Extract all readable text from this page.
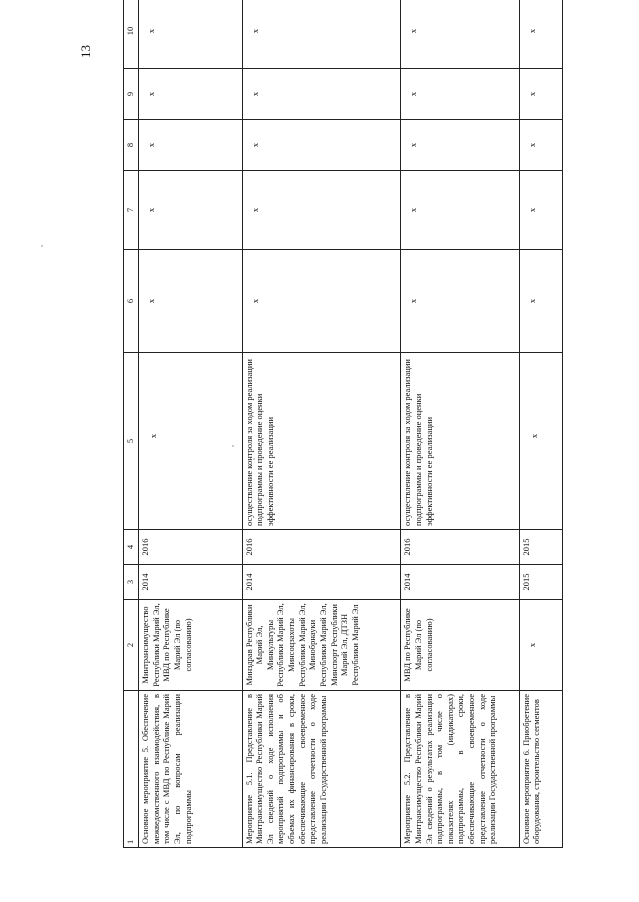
13
1	2	3	4	5	6	7	8	9	10
Основное мероприятие 5. Обеспечение межведомственного взаимодействия, в том числе с МВД по Республике Марий Эл, по вопросам реализации подпрограммы	Минтрансимущество Республики Марий Эл, МВД по Республике Марий Эл (по согласованию)	2014	2016	x	x	x	x	x	x

Мероприятие 5.1. Представление в Минтрансимущество Республики Марий Эл сведений о ходе исполнения мероприятий подпрограммы и об объемах их финансирования в сроки, обеспечивающие своевременное представление отчетности о ходе реализации Государственной программы	Минздрав Республики Марий Эл, Минкультуры Республики Марий Эл, Минсоцзахоты Республики Марий Эл, Минобрнауки Республики Марий Эл, Минспорт Республики Марий Эл, ДТЗН Республики Марий Эл	2014	2016	осуществление контроля за ходом реализации подпрограммы и проведение оценки эффективности ее реализации	x	x	x	x	x

Мероприятие 5.2. Представление в Минтрансимущество Республики Марий Эл сведений о результатах реализации подпрограммы, в том числе о показателях (индикаторах) подпрограммы, в сроки, обеспечивающие своевременное представление отчетности о ходе реализации Государственной программы	МВД по Республике Марий Эл (по согласованию)	2014	2016	осуществление контроля за ходом реализации подпрограммы и проведение оценки эффективности ее реализации	x	x	x	x	x

Основное мероприятие 6. Приобретение оборудования, строительство сегментов	x	2015	2015	x	x	x	x	x	x
